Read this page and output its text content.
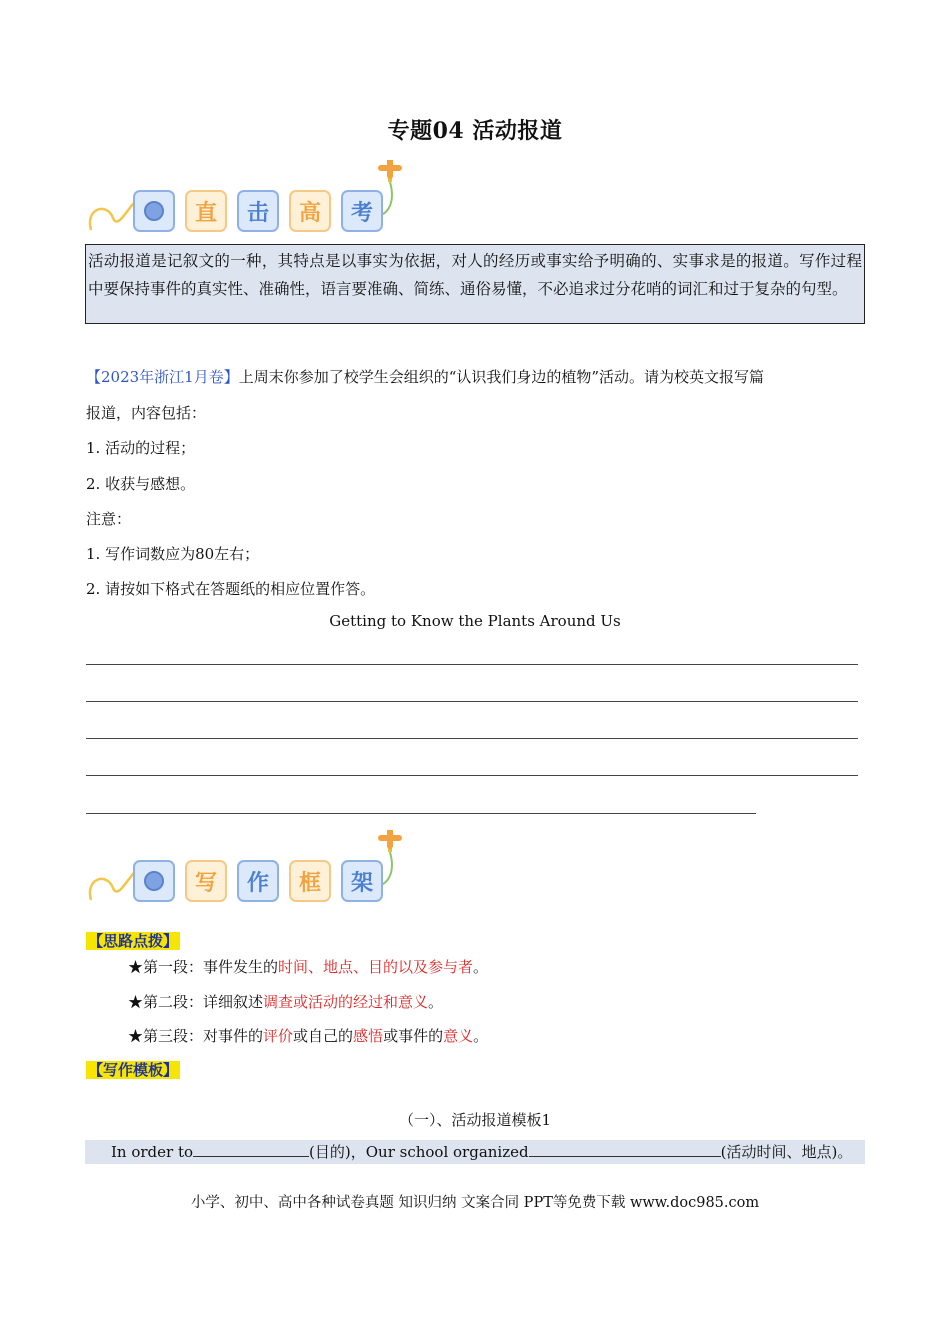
专题04 活动报道
直	击	高	考
活动报道是记叙文的一种，其特点是以事实为依据，对人的经历或事实给予明确的、实事求是的报道。写作过程中要保持事件的真实性、准确性，语言要准确、简练、通俗易懂，不必追求过分花哨的词汇和过于复杂的句型。
【2023年浙江1月卷】上周末你参加了校学生会组织的“认识我们身边的植物”活动。请为校英文报写篇
报道，内容包括：
1. 活动的过程；
2. 收获与感想。
注意：
1. 写作词数应为80左右；
2. 请按如下格式在答题纸的相应位置作答。
Getting to Know the Plants Around Us
写	作	框	架
【思路点拨】
★第一段：事件发生的时间、地点、目的以及参与者。
★第二段：详细叙述调查或活动的经过和意义。
★第三段：对事件的评价或自己的感悟或事件的意义。
【写作模板】
（一）、活动报道模板1
In order to	(目的)，Our school organized	(活动时间、地点)。
小学、初中、高中各种试卷真题 知识归纳 文案合同 PPT等免费下载 www.doc985.com
